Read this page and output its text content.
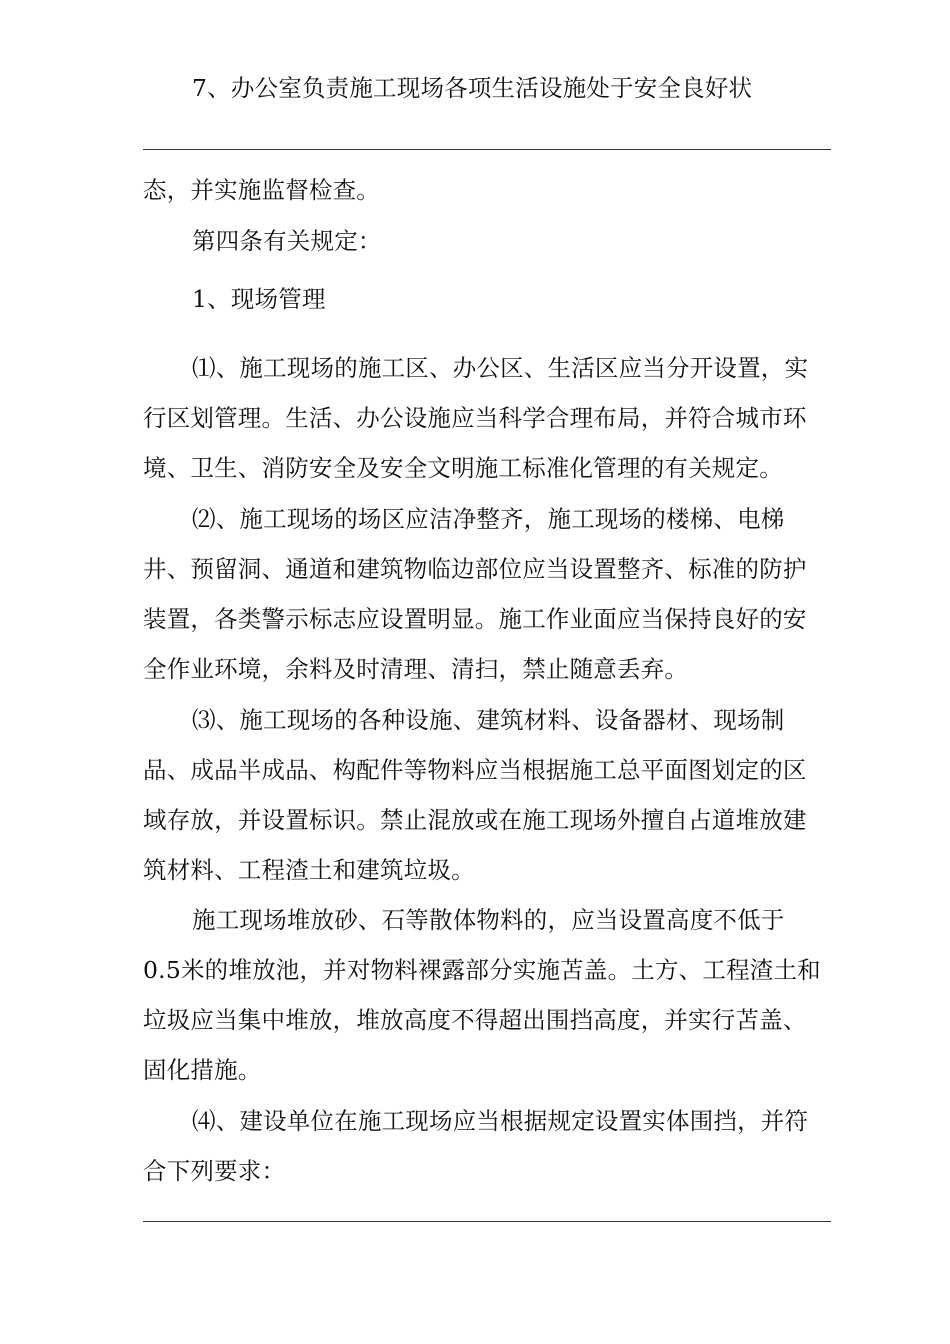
7、办公室负责施工现场各项生活设施处于安全良好状
态，并实施监督检查。
第四条有关规定：
1、现场管理
⑴、施工现场的施工区、办公区、生活区应当分开设置，实
行区划管理。生活、办公设施应当科学合理布局，并符合城市环
境、卫生、消防安全及安全文明施工标准化管理的有关规定。
⑵、施工现场的场区应洁净整齐，施工现场的楼梯、电梯
井、预留洞、通道和建筑物临边部位应当设置整齐、标准的防护
装置，各类警示标志应设置明显。施工作业面应当保持良好的安
全作业环境，余料及时清理、清扫，禁止随意丢弃。
⑶、施工现场的各种设施、建筑材料、设备器材、现场制
品、成品半成品、构配件等物料应当根据施工总平面图划定的区
域存放，并设置标识。禁止混放或在施工现场外擅自占道堆放建
筑材料、工程渣土和建筑垃圾。
施工现场堆放砂、石等散体物料的，应当设置高度不低于
0.5米的堆放池，并对物料裸露部分实施苫盖。土方、工程渣土和
垃圾应当集中堆放，堆放高度不得超出围挡高度，并实行苫盖、
固化措施。
⑷、建设单位在施工现场应当根据规定设置实体围挡，并符
合下列要求：
